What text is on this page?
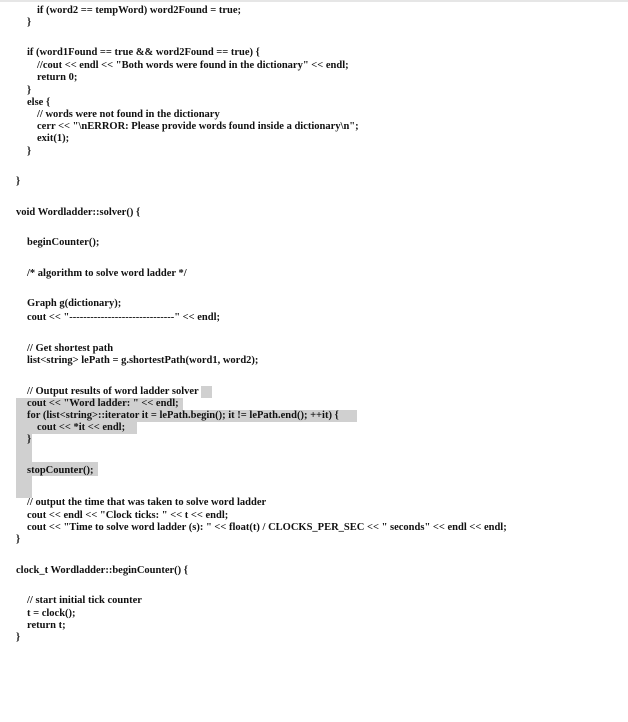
if (word2 == tempWord) word2Found = true;
}
if (word1Found == true && word2Found == true) {
//cout << endl << "Both words were found in the dictionary" << endl;
return 0;
}
else {
// words were not found in the dictionary
cerr << "\nERROR: Please provide words found inside a dictionary\n";
exit(1);
}
}
void Wordladder::solver() {
beginCounter();
/* algorithm to solve word ladder */
Graph g(dictionary);
cout << "------------------------------" << endl;
// Get shortest path
list<string> lePath = g.shortestPath(word1, word2);
// Output results of word ladder solver
cout << "Word ladder: " << endl;
for (list<string>::iterator it = lePath.begin(); it != lePath.end(); ++it) {
cout << *it << endl;
}
stopCounter();
// output the time that was taken to solve word ladder
cout << endl << "Clock ticks: " << t << endl;
cout << "Time to solve word ladder (s): " << float(t) / CLOCKS_PER_SEC << " seconds" << endl << endl;
}
clock_t Wordladder::beginCounter() {
// start initial tick counter
t = clock();
return t;
}
